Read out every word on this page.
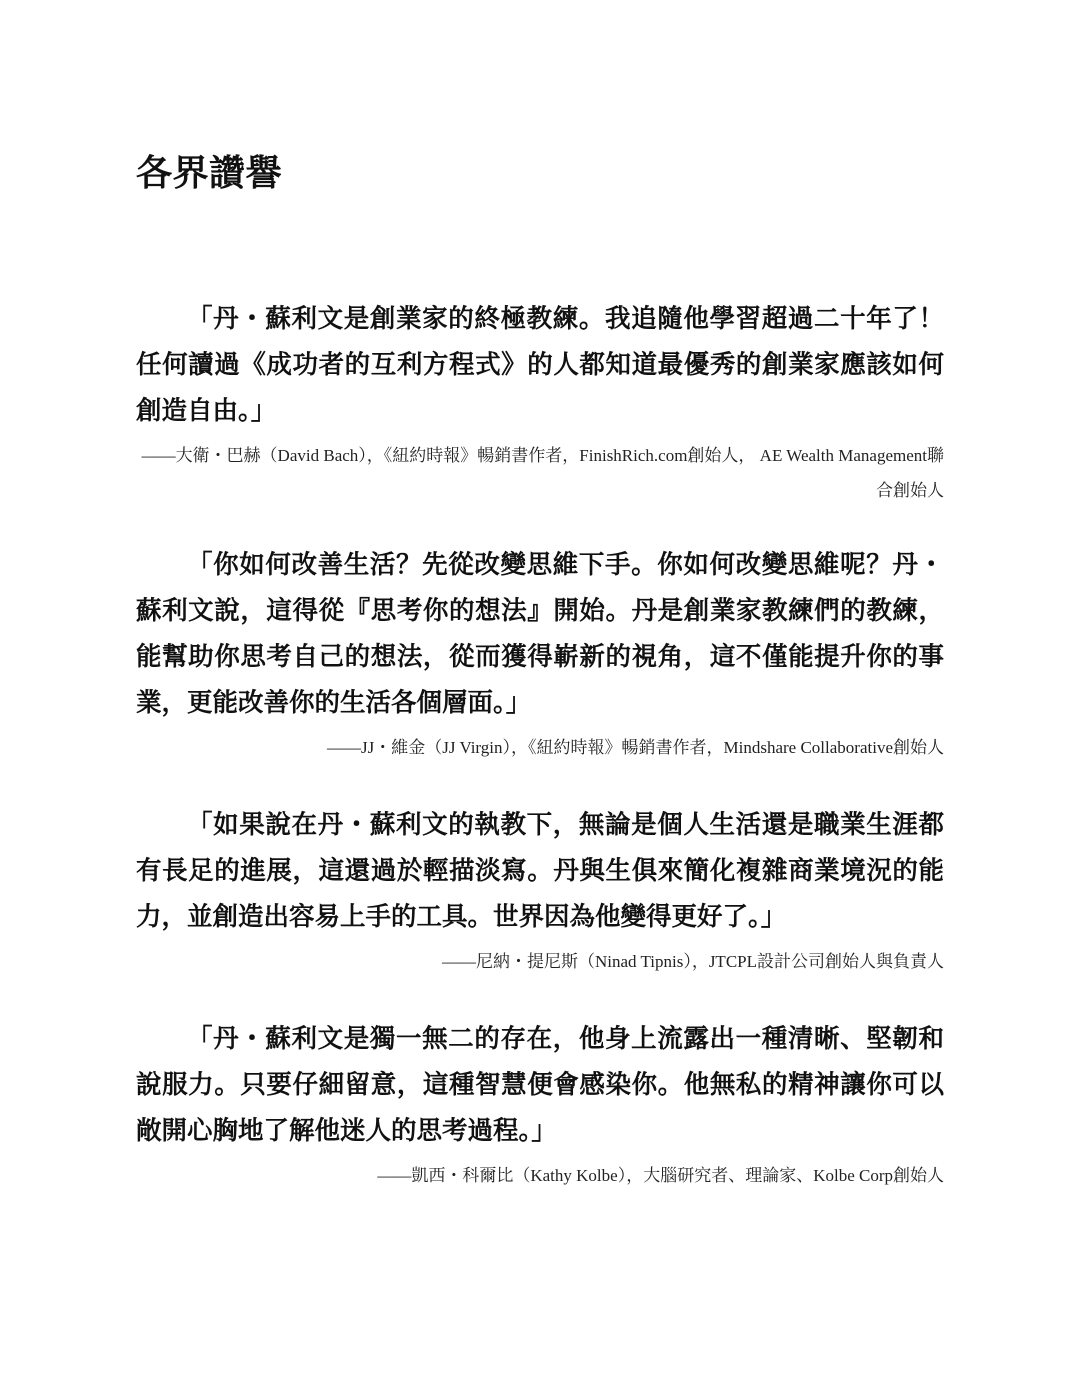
各界讚譽

「丹・蘇利文是創業家的終極教練。我追隨他學習超過二十年了！任何讀過《成功者的互利方程式》的人都知道最優秀的創業家應該如何創造自由。」

——大衛・巴赫（David Bach），《紐約時報》暢銷書作者，FinishRich.com創始人， AE Wealth Management聯合創始人

「你如何改善生活？先從改變思維下手。你如何改變思維呢？丹・蘇利文說，這得從『思考你的想法』開始。丹是創業家教練們的教練，能幫助你思考自己的想法，從而獲得嶄新的視角，這不僅能提升你的事業，更能改善你的生活各個層面。」

——JJ・維金（JJ Virgin），《紐約時報》暢銷書作者，Mindshare Collaborative創始人

「如果說在丹・蘇利文的執教下，無論是個人生活還是職業生涯都有長足的進展，這還過於輕描淡寫。丹與生俱來簡化複雜商業境況的能力，並創造出容易上手的工具。世界因為他變得更好了。」

——尼納・提尼斯（Ninad Tipnis），JTCPL設計公司創始人與負責人

「丹・蘇利文是獨一無二的存在，他身上流露出一種清晰、堅韌和說服力。只要仔細留意，這種智慧便會感染你。他無私的精神讓你可以敞開心胸地了解他迷人的思考過程。」

——凱西・科爾比（Kathy Kolbe），大腦研究者、理論家、Kolbe Corp創始人
